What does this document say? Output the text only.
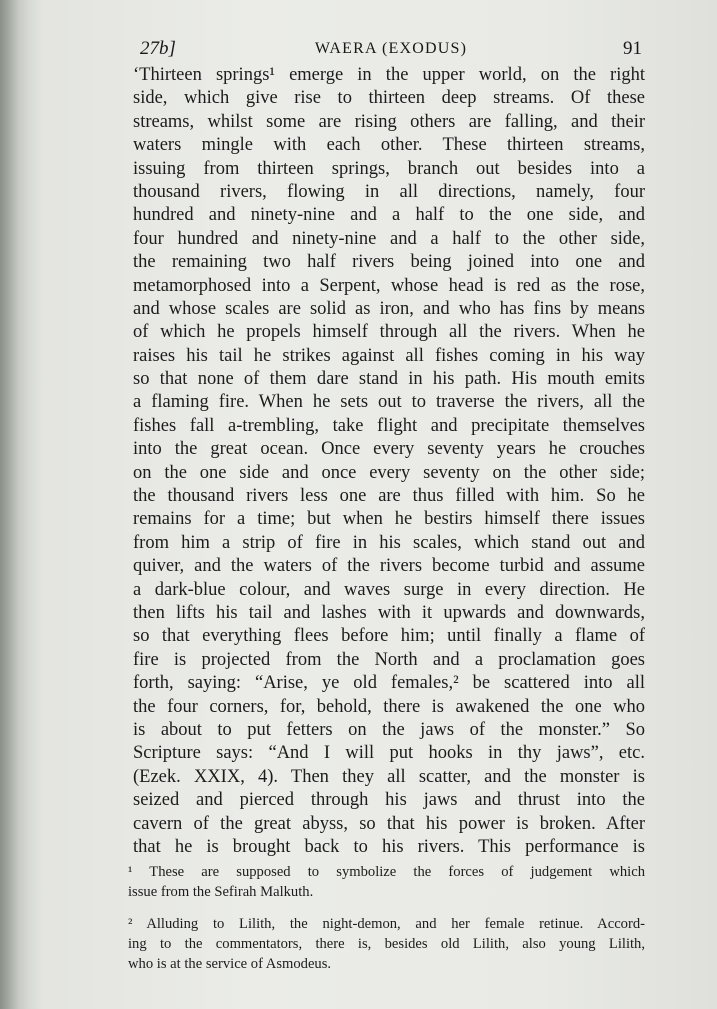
27b]	WAERA (EXODUS)	91
‘Thirteen springs¹ emerge in the upper world, on the right
side, which give rise to thirteen deep streams. Of these
streams, whilst some are rising others are falling, and their
waters mingle with each other. These thirteen streams,
issuing from thirteen springs, branch out besides into a
thousand rivers, flowing in all directions, namely, four
hundred and ninety-nine and a half to the one side, and
four hundred and ninety-nine and a half to the other side,
the remaining two half rivers being joined into one and
metamorphosed into a Serpent, whose head is red as the rose,
and whose scales are solid as iron, and who has fins by means
of which he propels himself through all the rivers. When he
raises his tail he strikes against all fishes coming in his way
so that none of them dare stand in his path. His mouth emits
a flaming fire. When he sets out to traverse the rivers, all the
fishes fall a-trembling, take flight and precipitate themselves
into the great ocean. Once every seventy years he crouches
on the one side and once every seventy on the other side;
the thousand rivers less one are thus filled with him. So he
remains for a time; but when he bestirs himself there issues
from him a strip of fire in his scales, which stand out and
quiver, and the waters of the rivers become turbid and assume
a dark-blue colour, and waves surge in every direction. He
then lifts his tail and lashes with it upwards and downwards,
so that everything flees before him; until finally a flame of
fire is projected from the North and a proclamation goes
forth, saying: “Arise, ye old females,² be scattered into all
the four corners, for, behold, there is awakened the one who
is about to put fetters on the jaws of the monster.” So
Scripture says: “And I will put hooks in thy jaws”, etc.
(Ezek. XXIX, 4). Then they all scatter, and the monster is
seized and pierced through his jaws and thrust into the
cavern of the great abyss, so that his power is broken. After
that he is brought back to his rivers. This performance is
¹ These are supposed to symbolize the forces of judgement which
issue from the Sefirah Malkuth.
² Alluding to Lilith, the night-demon, and her female retinue. Accord-
ing to the commentators, there is, besides old Lilith, also young Lilith,
who is at the service of Asmodeus.
